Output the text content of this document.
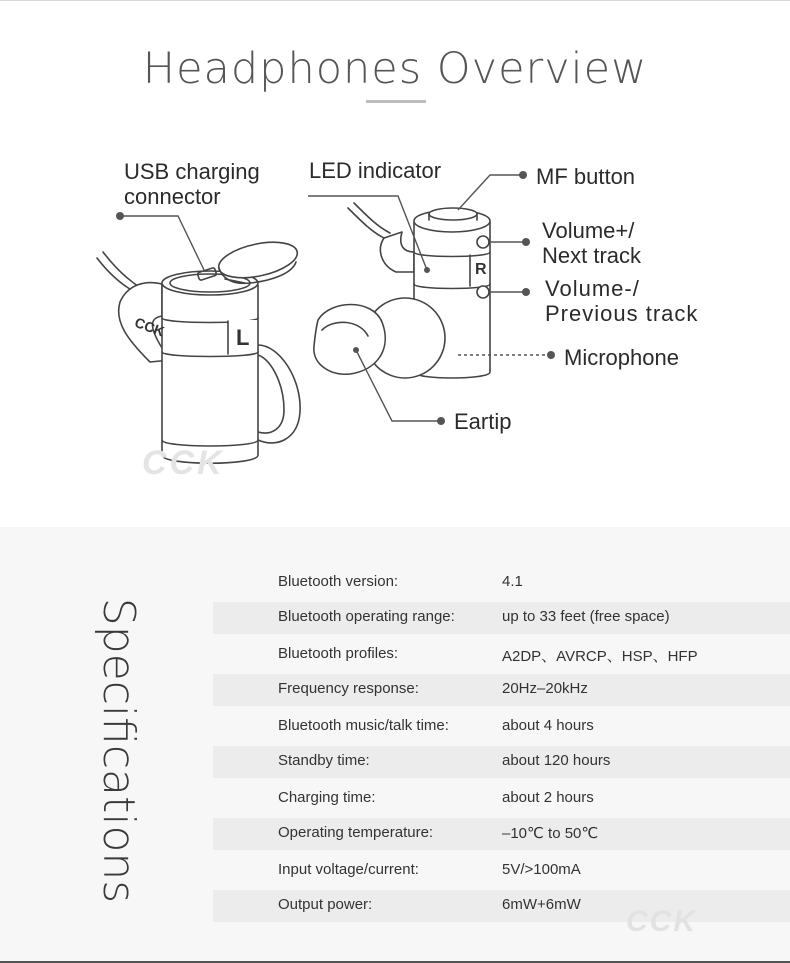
Headphones Overview
L
R
CCK
CCK
USB charging
connector
LED indicator	MF button
Volume+/
Next track
Volume-/
Previous track
Microphone
Eartip
Specifications
Bluetooth version:	4.1
Bluetooth operating range:	up to 33 feet (free space)
Bluetooth profiles:	A2DP、AVRCP、HSP、HFP
Frequency response:	20Hz–20kHz
Bluetooth music/talk time:	about 4 hours
Standby time:	about 120 hours
Charging time:	about 2 hours
Operating temperature:	–10℃ to 50℃
Input voltage/current:	5V/>100mA
Output power:	6mW+6mW
CCK
